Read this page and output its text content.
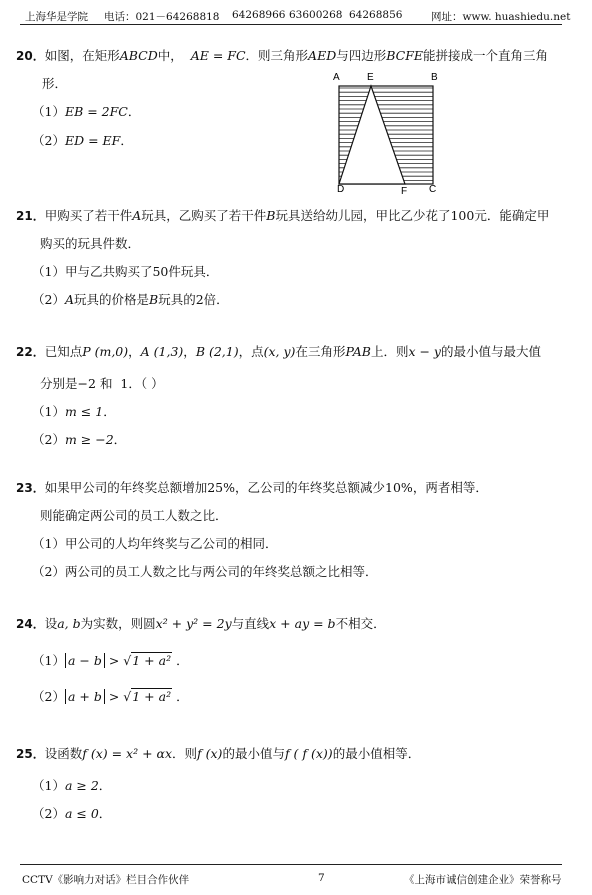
上海华是学院 电话：021－64268818 64268966 63600268 64268856	网址：www. huashiedu.net
20．如图，在矩形ABCD中， AE = FC．则三角形AED与四边形BCFE能拼接成一个直角三角
形．
（1）EB = 2FC．
（2）ED = EF．
A	E	B
D	F C
21．甲购买了若干件A玩具，乙购买了若干件B玩具送给幼儿园，甲比乙少花了100元．能确定甲
购买的玩具件数．
（1）甲与乙共购买了50件玩具．
（2）A玩具的价格是B玩具的2倍．
22．已知点P (m,0)，A (1,3)，B (2,1)，点(x, y)在三角形PAB上．则x − y的最小值与最大值
分别是−2 和 1．（ ）
（1）m ≤ 1．
（2）m ≥ −2．
23．如果甲公司的年终奖总额增加25%，乙公司的年终奖总额减少10%，两者相等．
则能确定两公司的员工人数之比．
（1）甲公司的人均年终奖与乙公司的相同．
（2）两公司的员工人数之比与两公司的年终奖总额之比相等．
24．设a, b为实数，则圆x² + y² = 2y与直线x + ay = b不相交．
（1） a − b > √1 + a² ．
（2） a + b > √1 + a² ．
25．设函数f (x) = x² + αx．则f (x)的最小值与f ( f (x))的最小值相等．
（1）a ≥ 2．
（2）a ≤ 0．
CCTV《影响力对话》栏目合作伙伴	7	《上海市诚信创建企业》荣誉称号
